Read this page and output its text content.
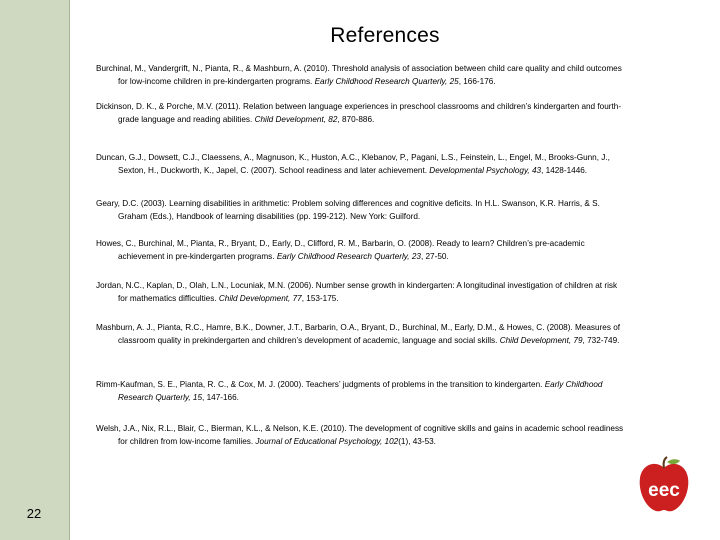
22
References
Burchinal, M., Vandergrift, N., Pianta, R., & Mashburn, A. (2010). Threshold analysis of association between child care quality and child outcomes for low-income children in pre-kindergarten programs. Early Childhood Research Quarterly, 25, 166-176.
Dickinson, D. K., & Porche, M.V. (2011). Relation between language experiences in preschool classrooms and children’s kindergarten and fourth-grade language and reading abilities. Child Development, 82, 870-886.
Duncan, G.J., Dowsett, C.J., Claessens, A., Magnuson, K., Huston, A.C., Klebanov, P., Pagani, L.S., Feinstein, L., Engel, M., Brooks-Gunn, J., Sexton, H., Duckworth, K., Japel, C. (2007). School readiness and later achievement. Developmental Psychology, 43, 1428-1446.
Geary, D.C. (2003). Learning disabilities in arithmetic: Problem solving differences and cognitive deficits. In H.L. Swanson, K.R. Harris, & S. Graham (Eds.), Handbook of learning disabilities (pp. 199-212). New York: Guilford.
Howes, C., Burchinal, M., Pianta, R., Bryant, D., Early, D., Clifford, R. M., Barbarin, O. (2008). Ready to learn? Children’s pre-academic achievement in pre-kindergarten programs. Early Childhood Research Quarterly, 23, 27-50.
Jordan, N.C., Kaplan, D., Olah, L.N., Locuniak, M.N. (2006). Number sense growth in kindergarten: A longitudinal investigation of children at risk for mathematics difficulties. Child Development, 77, 153-175.
Mashburn, A. J., Pianta, R.C., Hamre, B.K., Downer, J.T., Barbarin, O.A., Bryant, D., Burchinal, M., Early, D.M., & Howes, C. (2008). Measures of classroom quality in prekindergarten and children’s development of academic, language and social skills. Child Development, 79, 732-749.
Rimm-Kaufman, S. E., Pianta, R. C., & Cox, M. J. (2000). Teachers’ judgments of problems in the transition to kindergarten. Early Childhood Research Quarterly, 15, 147-166.
Welsh, J.A., Nix, R.L., Blair, C., Bierman, K.L., & Nelson, K.E. (2010). The development of cognitive skills and gains in academic school readiness for children from low-income families. Journal of Educational Psychology, 102(1), 43-53.
eec
